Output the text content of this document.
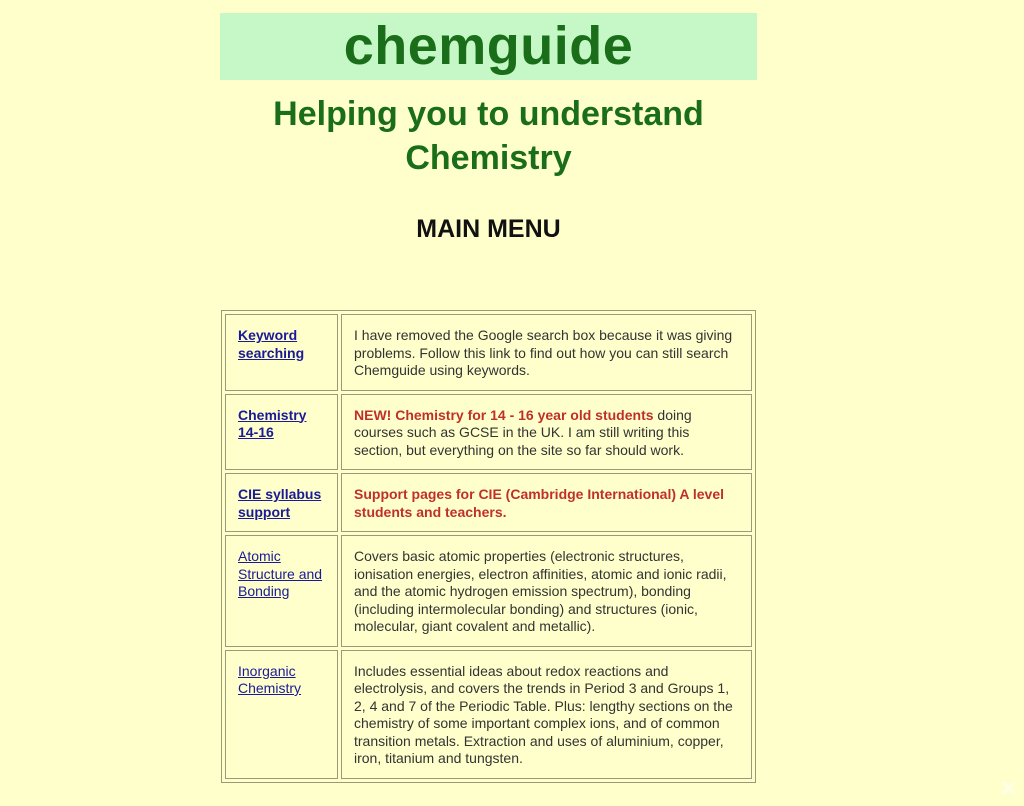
chemguide
Helping you to understand
Chemistry
MAIN MENU
Keyword searching	I have removed the Google search box because it was giving problems. Follow this link to find out how you can still search Chemguide using keywords.
Chemistry 14-16	NEW! Chemistry for 14 - 16 year old students doing courses such as GCSE in the UK. I am still writing this section, but everything on the site so far should work.
CIE syllabus support	Support pages for CIE (Cambridge International) A level students and teachers.
Atomic Structure and Bonding	Covers basic atomic properties (electronic structures, ionisation energies, electron affinities, atomic and ionic radii, and the atomic hydrogen emission spectrum), bonding (including intermolecular bonding) and structures (ionic, molecular, giant covalent and metallic).
Inorganic Chemistry	Includes essential ideas about redox reactions and electrolysis, and covers the trends in Period 3 and Groups 1, 2, 4 and 7 of the Periodic Table. Plus: lengthy sections on the chemistry of some important complex ions, and of common transition metals. Extraction and uses of aluminium, copper, iron, titanium and tungsten.
✕
